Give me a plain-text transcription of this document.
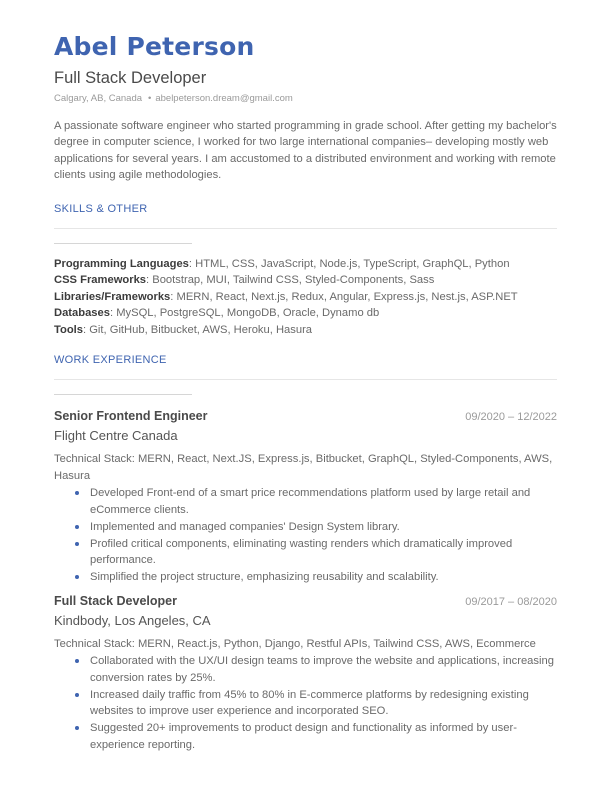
Abel Peterson
Full Stack Developer
Calgary, AB, Canada • abelpeterson.dream@gmail.com
A passionate software engineer who started programming in grade school. After getting my bachelor's degree in computer science, I worked for two large international companies– developing mostly web applications for several years. I am accustomed to a distributed environment and working with remote clients using agile methodologies.
SKILLS & OTHER
Programming Languages: HTML, CSS, JavaScript, Node.js, TypeScript, GraphQL, Python
CSS Frameworks: Bootstrap, MUI, Tailwind CSS, Styled-Components, Sass
Libraries/Frameworks: MERN, React, Next.js, Redux, Angular, Express.js, Nest.js, ASP.NET
Databases: MySQL, PostgreSQL, MongoDB, Oracle, Dynamo db
Tools: Git, GitHub, Bitbucket, AWS, Heroku, Hasura
WORK EXPERIENCE
Senior Frontend Engineer	09/2020 – 12/2022
Flight Centre Canada
Technical Stack: MERN, React, Next.JS, Express.js, Bitbucket, GraphQL, Styled-Components, AWS, Hasura
Developed Front-end of a smart price recommendations platform used by large retail and eCommerce clients.
Implemented and managed companies' Design System library.
Profiled critical components, eliminating wasting renders which dramatically improved performance.
Simplified the project structure, emphasizing reusability and scalability.
Full Stack Developer	09/2017 – 08/2020
Kindbody, Los Angeles, CA
Technical Stack: MERN, React.js, Python, Django, Restful APIs, Tailwind CSS, AWS, Ecommerce
Collaborated with the UX/UI design teams to improve the website and applications, increasing conversion rates by 25%.
Increased daily traffic from 45% to 80% in E-commerce platforms by redesigning existing websites to improve user experience and incorporated SEO.
Suggested 20+ improvements to product design and functionality as informed by user-experience reporting.
